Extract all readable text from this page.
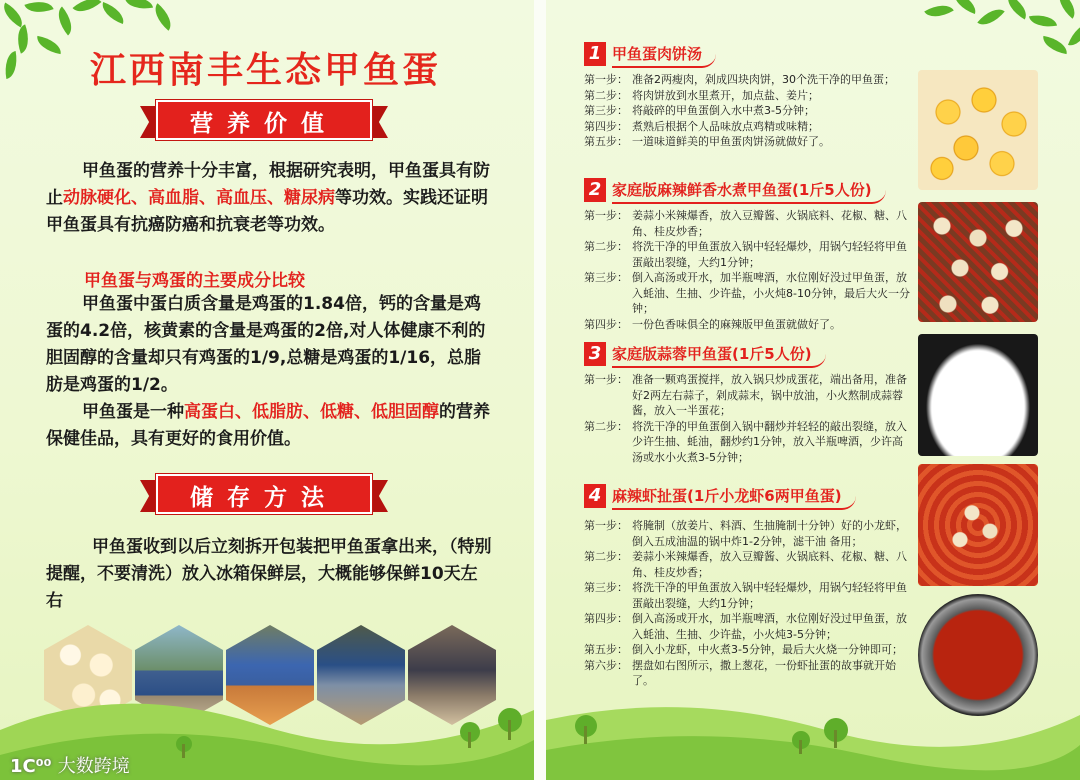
江西南丰生态甲鱼蛋
营养价值
甲鱼蛋的营养十分丰富，根据研究表明，甲鱼蛋具有防止动脉硬化、高血脂、高血压、糖尿病等功效。实践还证明甲鱼蛋具有抗癌防癌和抗衰老等功效。
甲鱼蛋与鸡蛋的主要成分比较
甲鱼蛋中蛋白质含量是鸡蛋的1.84倍，钙的含量是鸡蛋的4.2倍，核黄素的含量是鸡蛋的2倍,对人体健康不利的胆固醇的含量却只有鸡蛋的1/9,总糖是鸡蛋的1/16，总脂肪是鸡蛋的1/2。
甲鱼蛋是一种高蛋白、低脂肪、低糖、低胆固醇的营养保健佳品，具有更好的食用价值。
储存方法
甲鱼蛋收到以后立刻拆开包装把甲鱼蛋拿出来，（特别提醒，不要清洗）放入冰箱保鲜层，大概能够保鲜10天左右
1C⁰⁰ 大数跨境
1 甲鱼蛋肉饼汤
第一步： 准备2两瘦肉，剁成四块肉饼，30个洗干净的甲鱼蛋；
第二步： 将肉饼放到水里煮开，加点盐、姜片；
第三步： 将敲碎的甲鱼蛋倒入水中煮3-5分钟；
第四步： 煮熟后根据个人品味放点鸡精或味精；
第五步： 一道味道鲜美的甲鱼蛋肉饼汤就做好了。
2 家庭版麻辣鲜香水煮甲鱼蛋(1斤5人份)
第一步： 姜蒜小米辣爆香，放入豆瓣酱、火锅底料、花椒、糖、八角、桂皮炒香；
第二步： 将洗干净的甲鱼蛋放入锅中轻轻爆炒，用锅勺轻轻将甲鱼蛋敲出裂缝，大约1分钟；
第三步： 倒入高汤或开水，加半瓶啤酒，水位刚好没过甲鱼蛋，放入蚝油、生抽、少许盐，小火炖8-10分钟，最后大火一分钟；
第四步： 一份色香味俱全的麻辣版甲鱼蛋就做好了。
3 家庭版蒜蓉甲鱼蛋(1斤5人份)
第一步： 准备一颗鸡蛋搅拌，放入锅只炒成蛋花，端出备用，准备好2两左右蒜子，剁成蒜末，锅中放油，小火熬制成蒜蓉酱，放入一半蛋花；
第二步： 将洗干净的甲鱼蛋倒入锅中翻炒并轻轻的敲出裂缝，放入少许生抽、蚝油，翻炒约1分钟，放入半瓶啤酒，少许高汤或水小火煮3-5分钟；
4 麻辣虾扯蛋(1斤小龙虾6两甲鱼蛋)
第一步： 将腌制（放姜片、料酒、生抽腌制十分钟）好的小龙虾，倒入五成油温的锅中炸1-2分钟，滤干油 备用；
第二步： 姜蒜小米辣爆香，放入豆瓣酱、火锅底料、花椒、糖、八角、桂皮炒香；
第三步： 将洗干净的甲鱼蛋放入锅中轻轻爆炒，用锅勺轻轻将甲鱼蛋敲出裂缝，大约1分钟；
第四步： 倒入高汤或开水，加半瓶啤酒，水位刚好没过甲鱼蛋，放入蚝油、生抽、少许盐，小火炖3-5分钟；
第五步： 倒入小龙虾，中火煮3-5分钟，最后大火烧一分钟即可；
第六步： 摆盘如右图所示，撒上葱花，一份虾扯蛋的故事就开始了。
